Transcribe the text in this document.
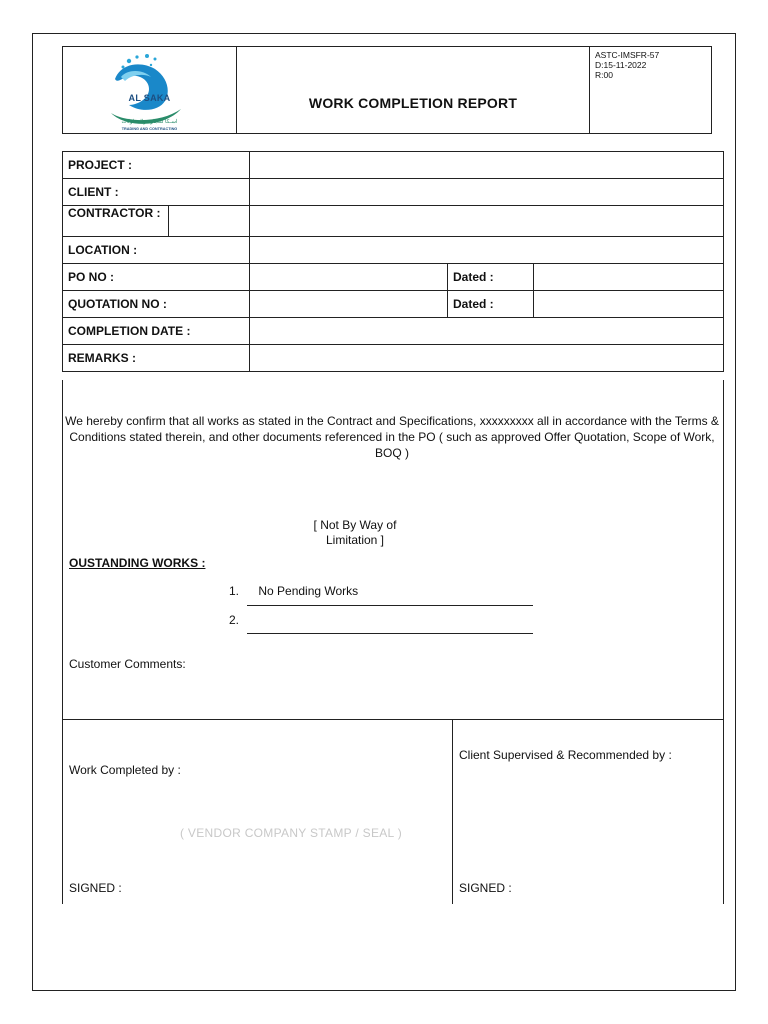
AL SAKA
اسـكا للتجارة والمقاولات
TRADING AND CONTRACTING
WORK COMPLETION REPORT
ASTC-IMSFR-57
D:15-11-2022
R:00
PROJECT :			
CLIENT :			

CONTRACTOR :			

LOCATION :			
PO NO :		Dated :	
QUOTATION NO :		Dated :	
COMPLETION DATE :			
REMARKS :			
We hereby confirm that all works as stated in the Contract and Specifications, xxxxxxxxx all in accordance with the Terms & Conditions stated therein, and other documents referenced in the PO ( such as approved Offer Quotation, Scope of Work, BOQ )
[ Not By Way of Limitation ]
OUSTANDING WORKS :
1. No Pending Works
2.
Customer Comments:
Work Completed by :
Client Supervised & Recommended by :
( VENDOR COMPANY STAMP / SEAL )
SIGNED :	SIGNED :
